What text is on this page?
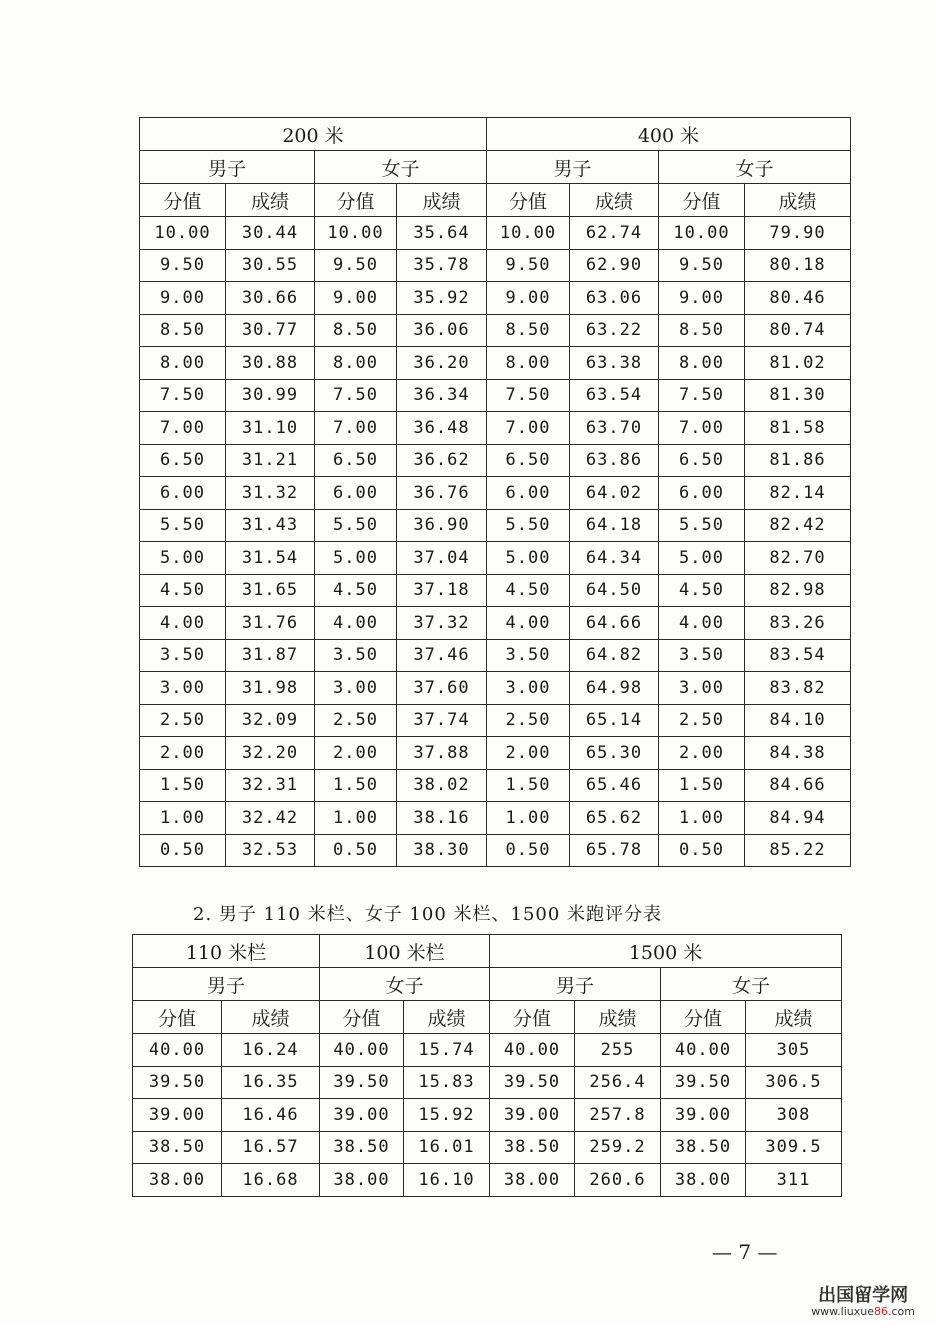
200 米				400 米			
男子		女子		男子		女子	
分值	成绩	分值	成绩	分值	成绩	分值	成绩
10.00	30.44	10.00	35.64	10.00	62.74	10.00	79.90
9.50	30.55	9.50	35.78	9.50	62.90	9.50	80.18
9.00	30.66	9.00	35.92	9.00	63.06	9.00	80.46
8.50	30.77	8.50	36.06	8.50	63.22	8.50	80.74
8.00	30.88	8.00	36.20	8.00	63.38	8.00	81.02
7.50	30.99	7.50	36.34	7.50	63.54	7.50	81.30
7.00	31.10	7.00	36.48	7.00	63.70	7.00	81.58
6.50	31.21	6.50	36.62	6.50	63.86	6.50	81.86
6.00	31.32	6.00	36.76	6.00	64.02	6.00	82.14
5.50	31.43	5.50	36.90	5.50	64.18	5.50	82.42
5.00	31.54	5.00	37.04	5.00	64.34	5.00	82.70
4.50	31.65	4.50	37.18	4.50	64.50	4.50	82.98
4.00	31.76	4.00	37.32	4.00	64.66	4.00	83.26
3.50	31.87	3.50	37.46	3.50	64.82	3.50	83.54
3.00	31.98	3.00	37.60	3.00	64.98	3.00	83.82
2.50	32.09	2.50	37.74	2.50	65.14	2.50	84.10
2.00	32.20	2.00	37.88	2.00	65.30	2.00	84.38
1.50	32.31	1.50	38.02	1.50	65.46	1.50	84.66
1.00	32.42	1.00	38.16	1.00	65.62	1.00	84.94
0.50	32.53	0.50	38.30	0.50	65.78	0.50	85.22
2. 男子 110 米栏、女子 100 米栏、1500 米跑评分表
110 米栏		100 米栏		1500 米			
男子		女子		男子		女子	
分值	成绩	分值	成绩	分值	成绩	分值	成绩
40.00	16.24	40.00	15.74	40.00	255	40.00	305
39.50	16.35	39.50	15.83	39.50	256.4	39.50	306.5
39.00	16.46	39.00	15.92	39.00	257.8	39.00	308
38.50	16.57	38.50	16.01	38.50	259.2	38.50	309.5
38.00	16.68	38.00	16.10	38.00	260.6	38.00	311
— 7 —
出国留学网
www.liuxue86.com
